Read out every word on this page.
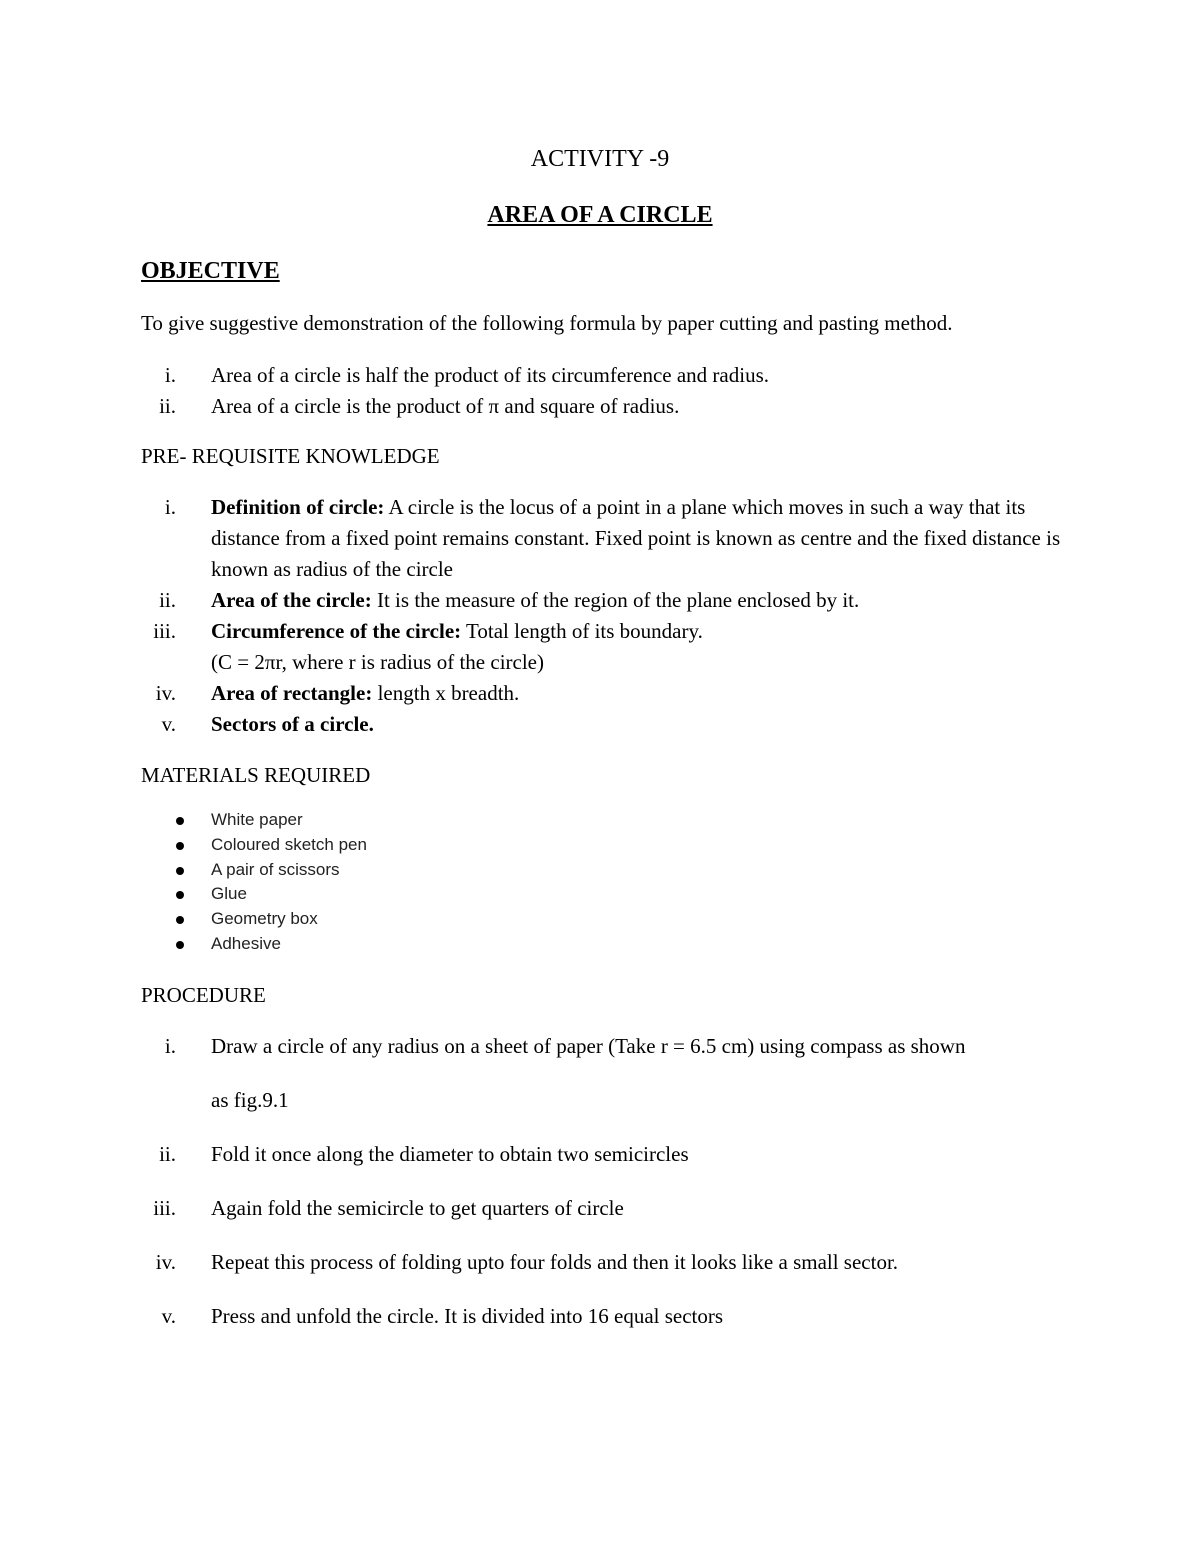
ACTIVITY -9
AREA OF A CIRCLE
OBJECTIVE
To give suggestive demonstration of the following formula by paper cutting and pasting method.
i. Area of a circle is half the product of its circumference and radius.
ii. Area of a circle is the product of π and square of radius.
PRE- REQUISITE KNOWLEDGE
i. Definition of circle: A circle is the locus of a point in a plane which moves in such a way that its distance from a fixed point remains constant. Fixed point is known as centre and the fixed distance is known as radius of the circle
ii. Area of the circle: It is the measure of the region of the plane enclosed by it.
iii. Circumference of the circle: Total length of its boundary.
(C = 2πr, where r is radius of the circle)
iv. Area of rectangle: length x breadth.
v. Sectors of a circle.
MATERIALS REQUIRED
White paper
Coloured sketch pen
A pair of scissors
Glue
Geometry box
Adhesive
PROCEDURE
i. Draw a circle of any radius on a sheet of paper (Take r = 6.5 cm) using compass as shown
as fig.9.1
ii. Fold it once along the diameter to obtain two semicircles
iii. Again fold the semicircle to get quarters of circle
iv. Repeat this process of folding upto four folds and then it looks like a small sector.
v. Press and unfold the circle. It is divided into 16 equal sectors
